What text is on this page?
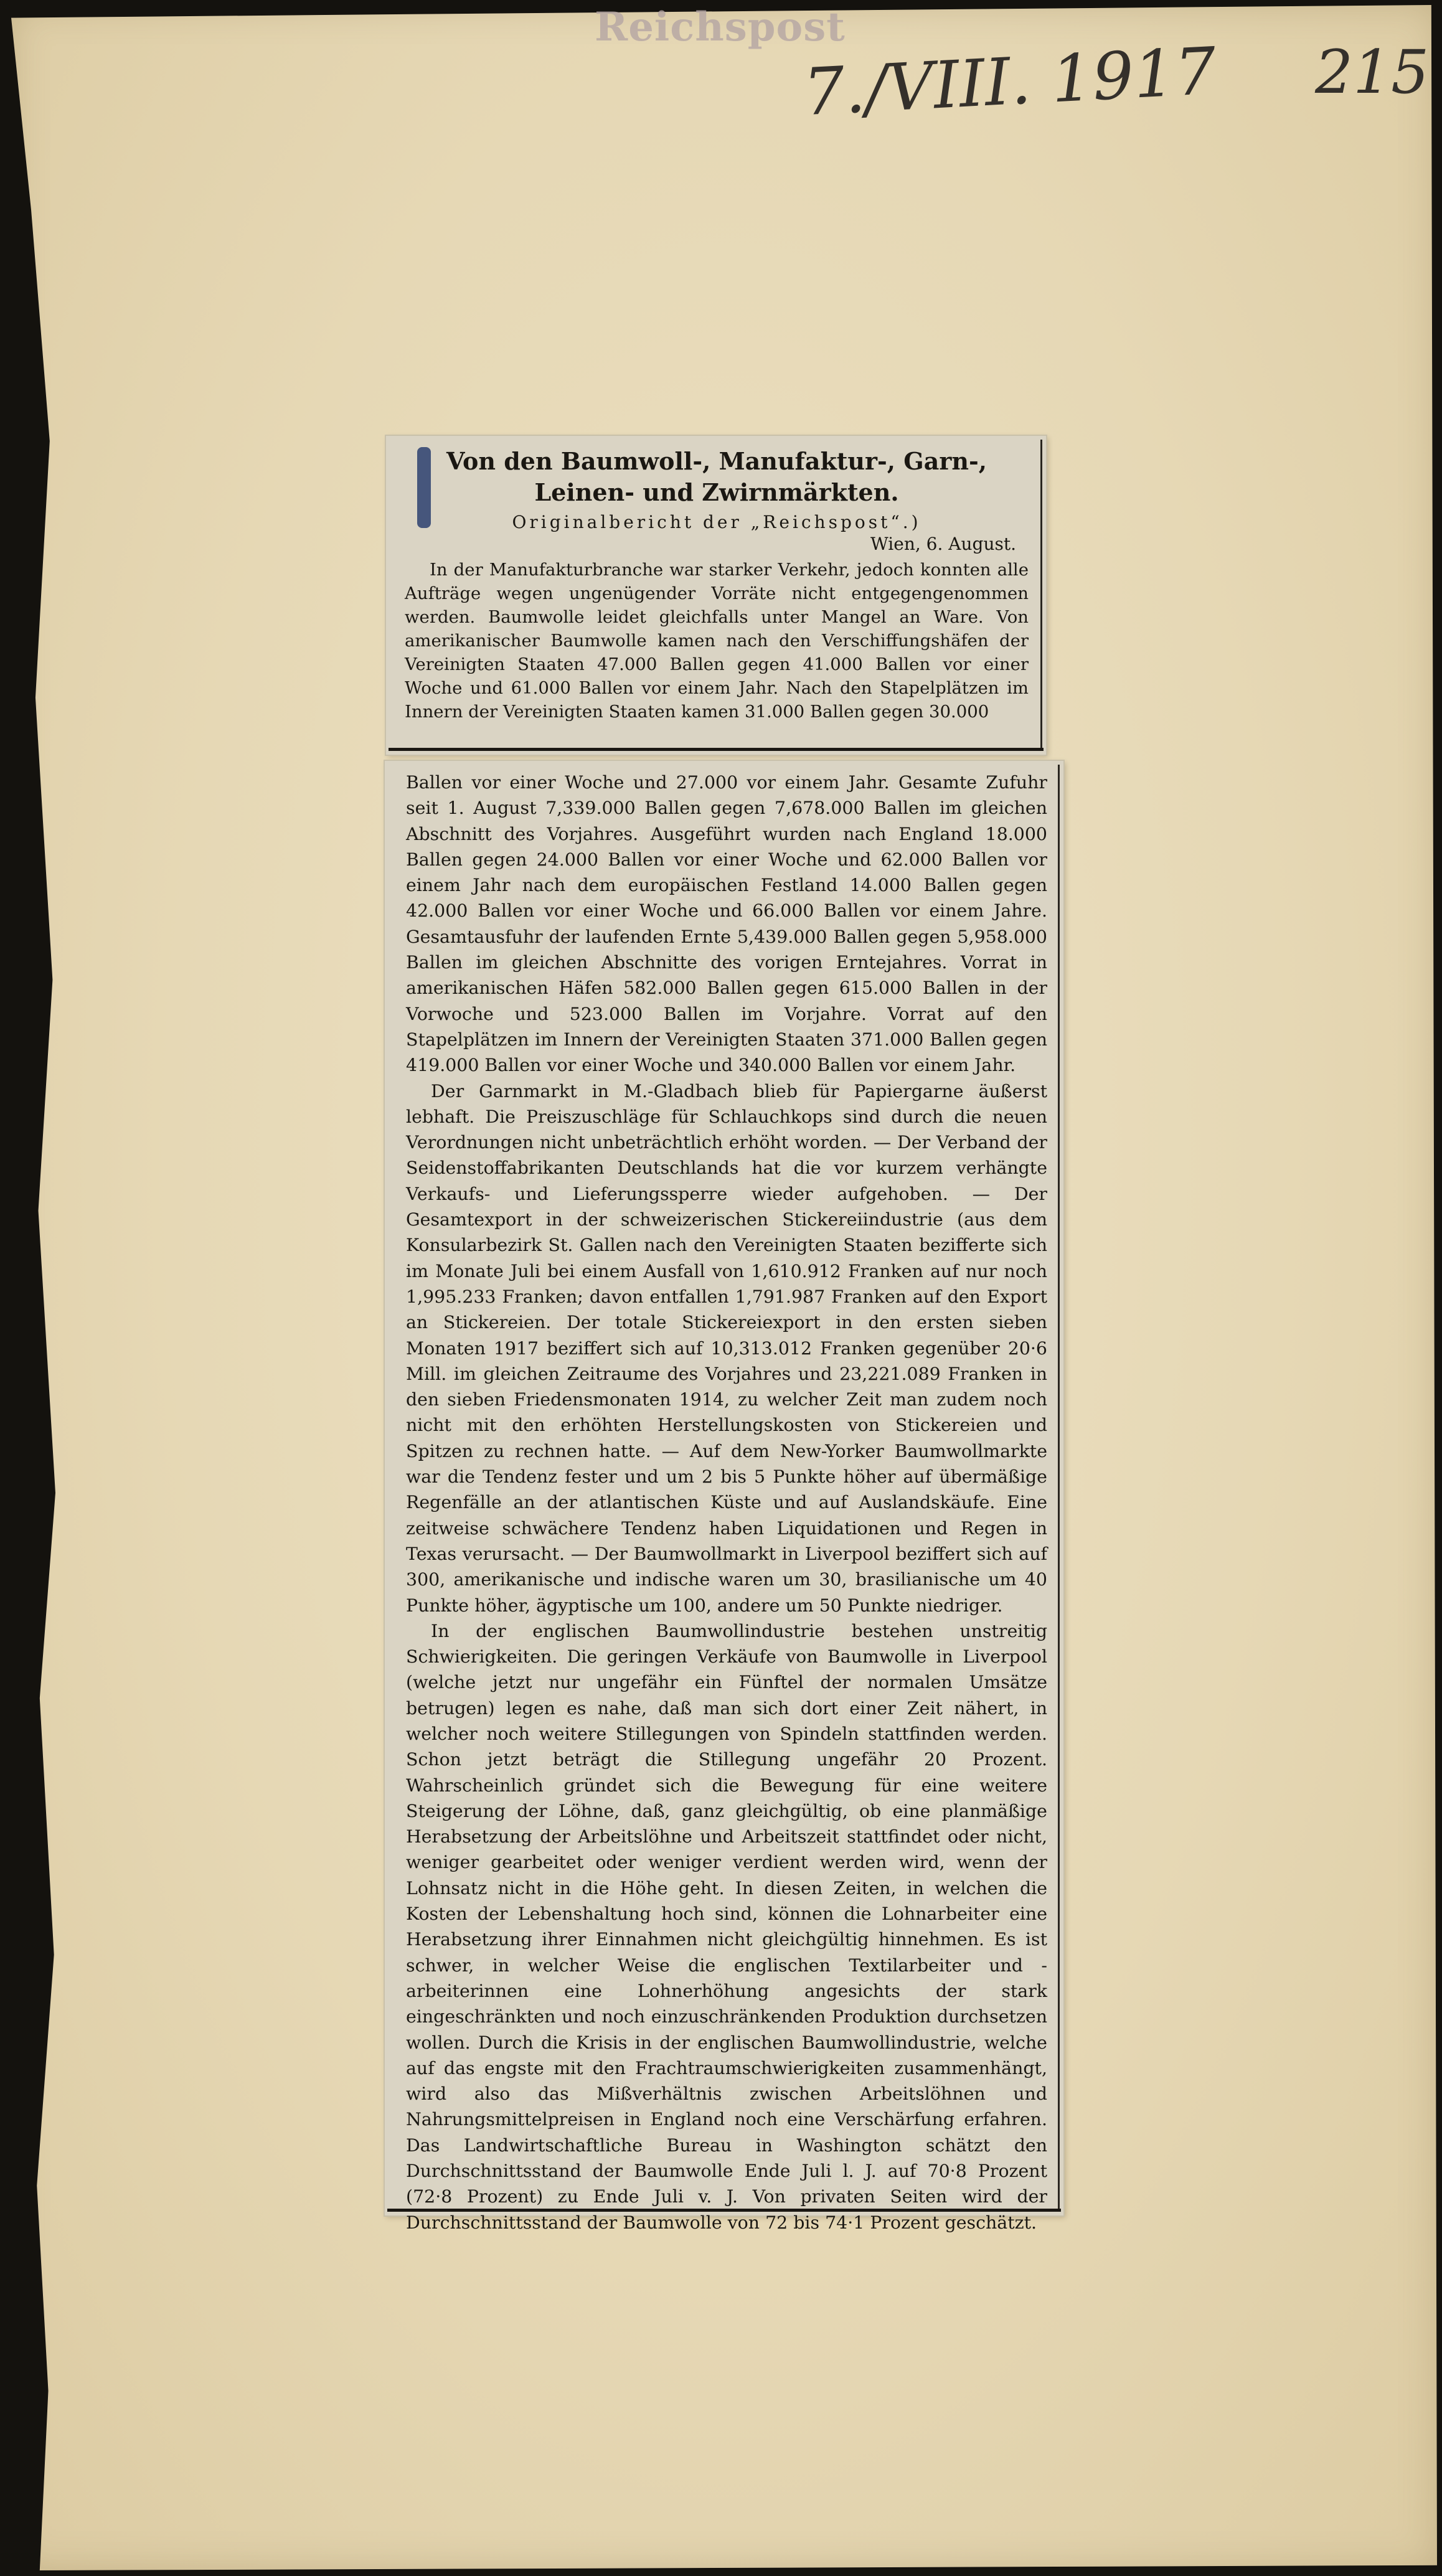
Reichspost
7./VIII. 1917 215

Von den Baumwoll-, Manufaktur-, Garn-,

Leinen- und Zwirnmärkten.

Originalbericht der „Reichspost“.)

Wien, 6. August.

In der Manufakturbranche war starker Verkehr, jedoch konnten alle Aufträge wegen ungenügender Vorräte nicht entgegengenommen werden. Baumwolle leidet gleichfalls unter Mangel an Ware. Von amerikanischer Baumwolle kamen nach den Verschiffungshäfen der Vereinigten Staaten 47.000 Ballen gegen 41.000 Ballen vor einer Woche und 61.000 Ballen vor einem Jahr. Nach den Stapelplätzen im Innern der Vereinigten Staaten kamen 31.000 Ballen gegen 30.000

Ballen vor einer Woche und 27.000 vor einem Jahr. Gesamte Zufuhr seit 1. August 7,339.000 Ballen gegen 7,678.000 Ballen im gleichen Abschnitt des Vorjahres. Ausgeführt wurden nach England 18.000 Ballen gegen 24.000 Ballen vor einer Woche und 62.000 Ballen vor einem Jahr nach dem europäischen Festland 14.000 Ballen gegen 42.000 Ballen vor einer Woche und 66.000 Ballen vor einem Jahre. Gesamtausfuhr der laufenden Ernte 5,439.000 Ballen gegen 5,958.000 Ballen im gleichen Abschnitte des vorigen Erntejahres. Vorrat in amerikanischen Häfen 582.000 Ballen gegen 615.000 Ballen in der Vorwoche und 523.000 Ballen im Vorjahre. Vorrat auf den Stapelplätzen im Innern der Vereinigten Staaten 371.000 Ballen gegen 419.000 Ballen vor einer Woche und 340.000 Ballen vor einem Jahr.

Der Garnmarkt in M.-Gladbach blieb für Papiergarne äußerst lebhaft. Die Preiszuschläge für Schlauchkops sind durch die neuen Verordnungen nicht unbeträchtlich erhöht worden. — Der Verband der Seidenstoffabrikanten Deutschlands hat die vor kurzem verhängte Verkaufs- und Lieferungssperre wieder aufgehoben. — Der Gesamtexport in der schweizerischen Stickereiindustrie (aus dem Konsularbezirk St. Gallen nach den Vereinigten Staaten bezifferte sich im Monate Juli bei einem Ausfall von 1,610.912 Franken auf nur noch 1,995.233 Franken; davon entfallen 1,791.987 Franken auf den Export an Stickereien. Der totale Stickereiexport in den ersten sieben Monaten 1917 beziffert sich auf 10,313.012 Franken gegenüber 20·6 Mill. im gleichen Zeitraume des Vorjahres und 23,221.089 Franken in den sieben Friedensmonaten 1914, zu welcher Zeit man zudem noch nicht mit den erhöhten Herstellungskosten von Stickereien und Spitzen zu rechnen hatte. — Auf dem New-Yorker Baumwollmarkte war die Tendenz fester und um 2 bis 5 Punkte höher auf übermäßige Regenfälle an der atlantischen Küste und auf Auslandskäufe. Eine zeitweise schwächere Tendenz haben Liquidationen und Regen in Texas verursacht. — Der Baumwollmarkt in Liverpool beziffert sich auf 300, amerikanische und indische waren um 30, brasilianische um 40 Punkte höher, ägyptische um 100, andere um 50 Punkte niedriger.

In der englischen Baumwollindustrie bestehen unstreitig Schwierigkeiten. Die geringen Verkäufe von Baumwolle in Liverpool (welche jetzt nur ungefähr ein Fünftel der normalen Umsätze betrugen) legen es nahe, daß man sich dort einer Zeit nähert, in welcher noch weitere Stillegungen von Spindeln stattfinden werden. Schon jetzt beträgt die Stillegung ungefähr 20 Prozent. Wahrscheinlich gründet sich die Bewegung für eine weitere Steigerung der Löhne, daß, ganz gleichgültig, ob eine planmäßige Herabsetzung der Arbeitslöhne und Arbeitszeit stattfindet oder nicht, weniger gearbeitet oder weniger verdient werden wird, wenn der Lohnsatz nicht in die Höhe geht. In diesen Zeiten, in welchen die Kosten der Lebenshaltung hoch sind, können die Lohnarbeiter eine Herabsetzung ihrer Einnahmen nicht gleichgültig hinnehmen. Es ist schwer, in welcher Weise die englischen Textilarbeiter und -arbeiterinnen eine Lohnerhöhung angesichts der stark eingeschränkten und noch einzuschränkenden Produktion durchsetzen wollen. Durch die Krisis in der englischen Baumwollindustrie, welche auf das engste mit den Frachtraumschwierigkeiten zusammenhängt, wird also das Mißverhältnis zwischen Arbeitslöhnen und Nahrungsmittelpreisen in England noch eine Verschärfung erfahren. Das Landwirtschaftliche Bureau in Washington schätzt den Durchschnittsstand der Baumwolle Ende Juli l. J. auf 70·8 Prozent (72·8 Prozent) zu Ende Juli v. J. Von privaten Seiten wird der Durchschnittsstand der Baumwolle von 72 bis 74·1 Prozent geschätzt.
